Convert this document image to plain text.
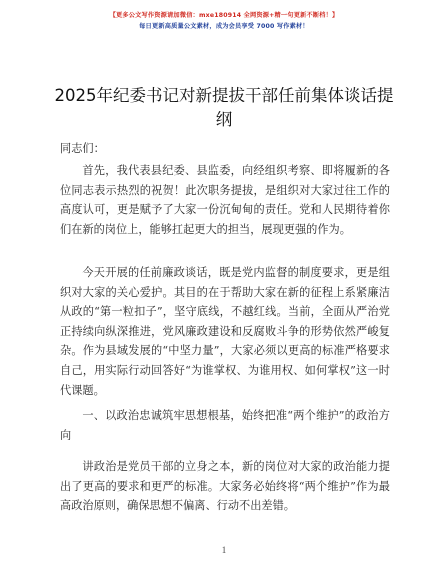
【更多公文写作资源请加微信：mxe180914 全网资源+精一句更新不断档！】
每日更新高质量公文素材，成为会员享受 7000 写作素材！
2025年纪委书记对新提拔干部任前集体谈话提纲
同志们：
首先，我代表县纪委、县监委，向经组织考察、即将履新的各位同志表示热烈的祝贺！此次职务提拔，是组织对大家过往工作的高度认可，更是赋予了大家一份沉甸甸的责任。党和人民期待着你们在新的岗位上，能够扛起更大的担当，展现更强的作为。
今天开展的任前廉政谈话，既是党内监督的制度要求，更是组织对大家的关心爱护。其目的在于帮助大家在新的征程上系紧廉洁从政的“第一粒扣子”，坚守底线，不越红线。当前，全面从严治党正持续向纵深推进，党风廉政建设和反腐败斗争的形势依然严峻复杂。作为县域发展的“中坚力量”，大家必须以更高的标准严格要求自己，用实际行动回答好“为谁掌权、为谁用权、如何掌权”这一时代课题。
一、以政治忠诚筑牢思想根基，始终把准“两个维护”的政治方向
讲政治是党员干部的立身之本，新的岗位对大家的政治能力提出了更高的要求和更严的标准。大家务必始终将“两个维护”作为最高政治原则，确保思想不偏离、行动不出差错。
1
